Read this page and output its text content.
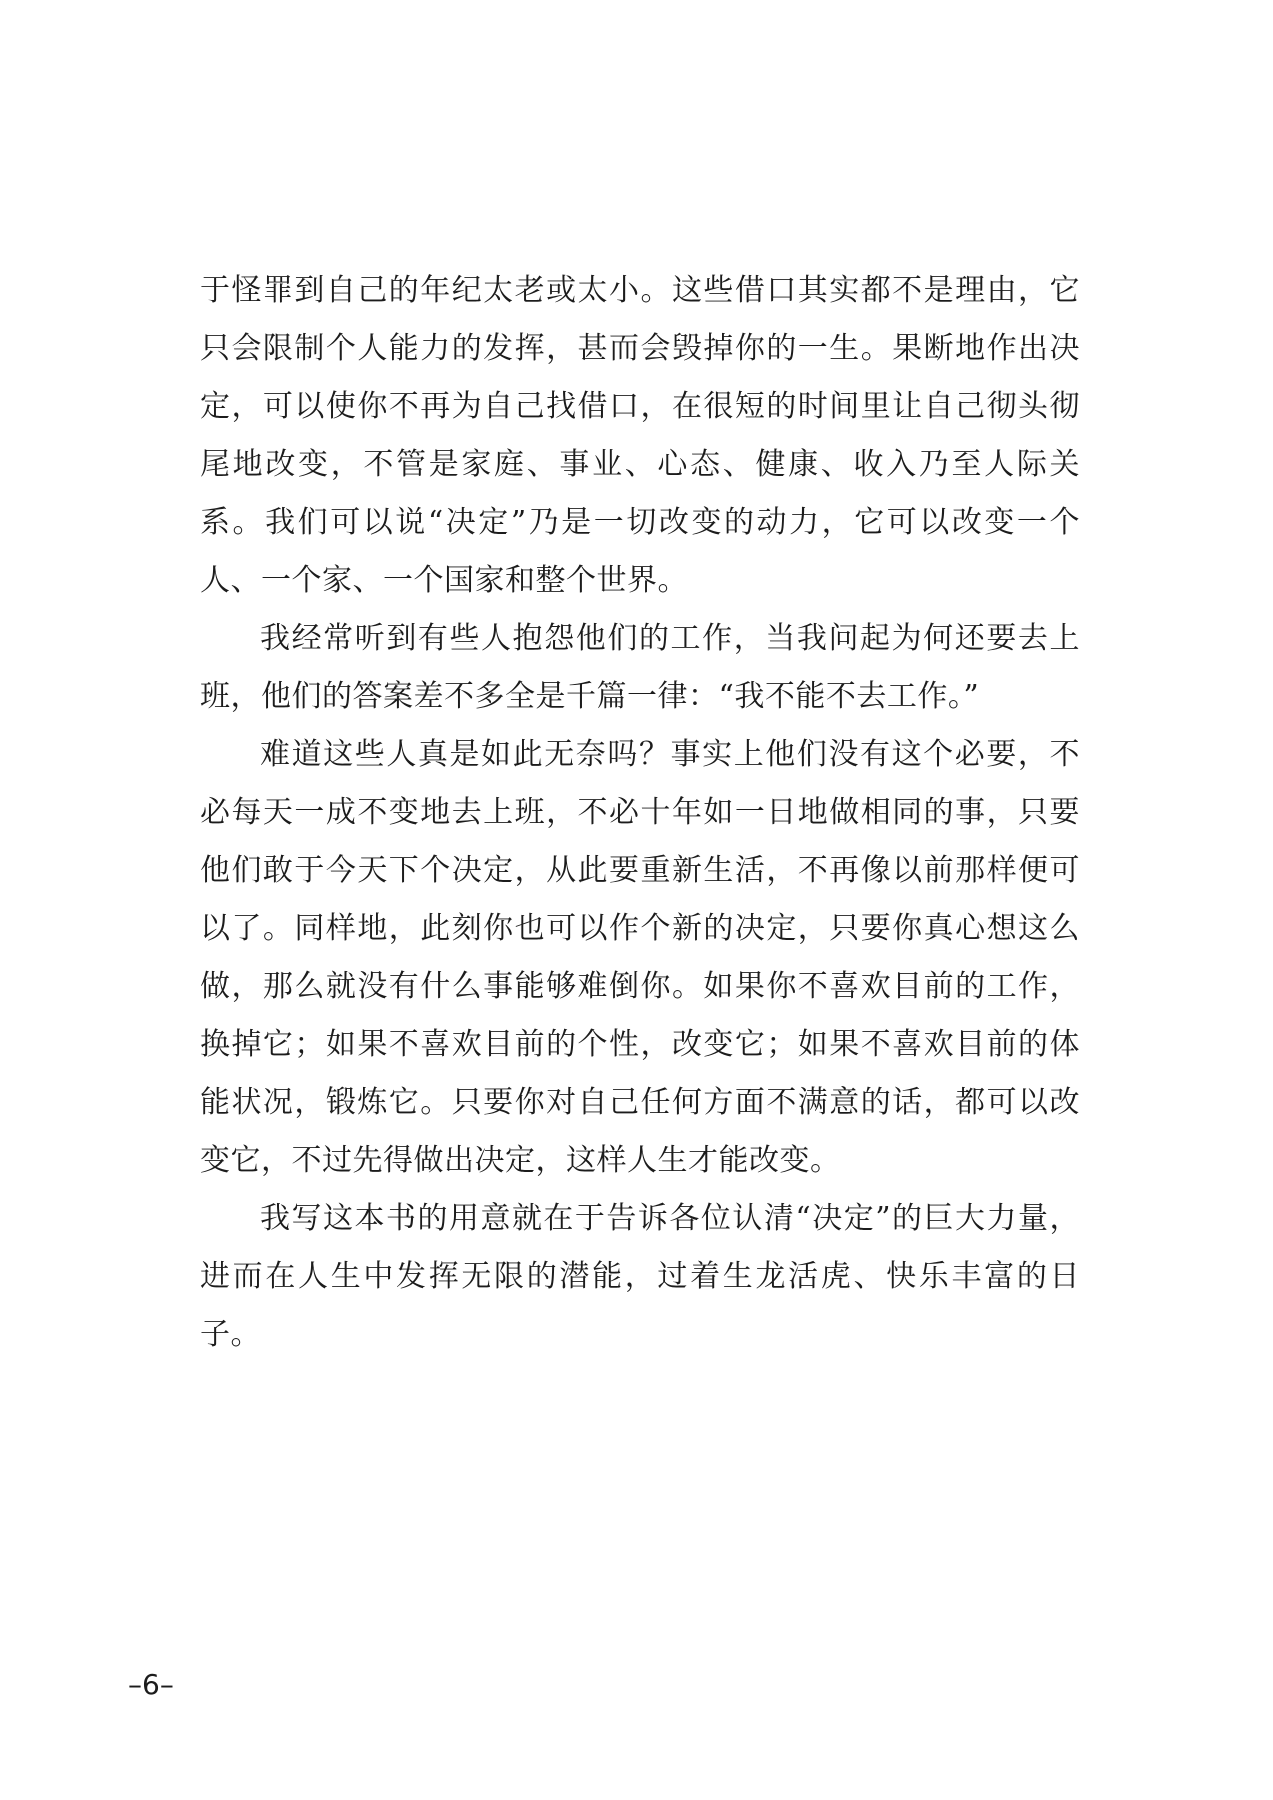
于怪罪到自己的年纪太老或太小。这些借口其实都不是理由，它只会限制个人能力的发挥，甚而会毁掉你的一生。果断地作出决定，可以使你不再为自己找借口，在很短的时间里让自己彻头彻尾地改变，不管是家庭、事业、心态、健康、收入乃至人际关系。我们可以说“决定”乃是一切改变的动力，它可以改变一个人、一个家、一个国家和整个世界。

我经常听到有些人抱怨他们的工作，当我问起为何还要去上班，他们的答案差不多全是千篇一律：“我不能不去工作。”

难道这些人真是如此无奈吗？事实上他们没有这个必要，不必每天一成不变地去上班，不必十年如一日地做相同的事，只要他们敢于今天下个决定，从此要重新生活，不再像以前那样便可以了。同样地，此刻你也可以作个新的决定，只要你真心想这么做，那么就没有什么事能够难倒你。如果你不喜欢目前的工作，换掉它；如果不喜欢目前的个性，改变它；如果不喜欢目前的体能状况，锻炼它。只要你对自己任何方面不满意的话，都可以改变它，不过先得做出决定，这样人生才能改变。

我写这本书的用意就在于告诉各位认清“决定”的巨大力量，进而在人生中发挥无限的潜能，过着生龙活虎、快乐丰富的日子。

–6–
